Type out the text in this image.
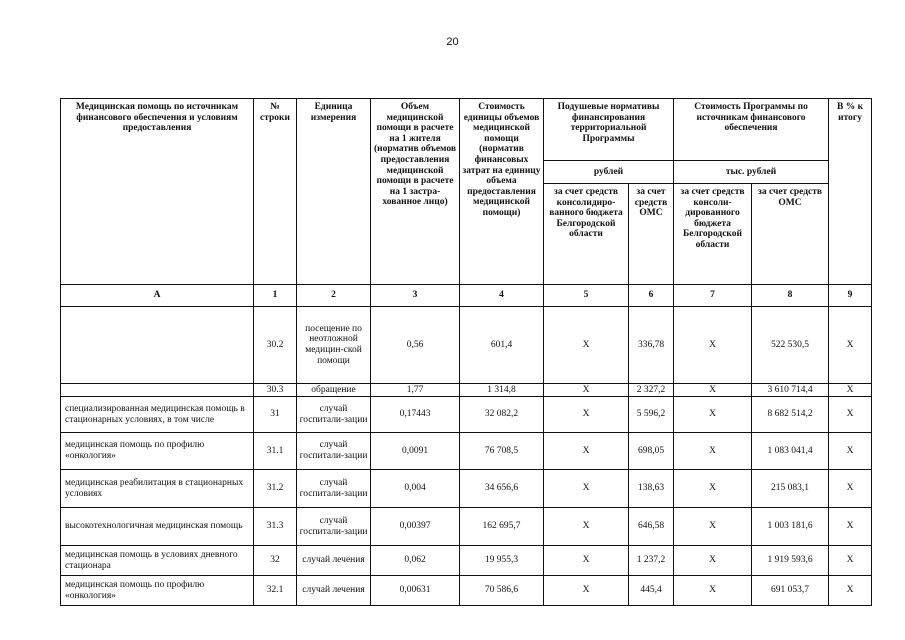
20
Медицинская помощь по источникам финансового обеспечения и условиям предоставления	№ строки	Единица измерения	Объем медицинской помощи в расчете на 1 жителя (норматив объемов предоставления медицинской помощи в расчете на 1 застра-хованное лицо)	Стоимость единицы объемов медицинской помощи (норматив финансовых затрат на единицу объема предоставления медицинской помощи)	Подушевые нормативы финансирования территориальной Программы		Стоимость Программы по источникам финансового обеспечения		В % к итогу
					рублей		тыс. рублей		
					за счет средств консолидиро-ванного бюджета Белгородской области	за счет средств ОМС	за счет средств консоли-дированного бюджета Белгородской области	за счет средств ОМС	
А	1	2	3	4	5	6	7	8	9
	30.2	посещение по неотложной медицин-ской помощи	0,56	601,4	Х	336,78	Х	522 530,5	Х
	30.3	обращение	1,77	1 314,8	Х	2 327,2	Х	3 610 714,4	Х
специализированная медицинская помощь в стационарных условиях, в том числе	31	случай госпитали-зации	0,17443	32 082,2	Х	5 596,2	Х	8 682 514,2	Х
медицинская помощь по профилю «онкология»	31.1	случай госпитали-зации	0,0091	76 708,5	Х	698,05	Х	1 083 041,4	Х
медицинская реабилитация в стационарных условиях	31.2	случай госпитали-зации	0,004	34 656,6	Х	138,63	Х	215 083,1	Х
высокотехнологичная медицинская помощь	31.3	случай госпитали-зации	0,00397	162 695,7	Х	646,58	Х	1 003 181,6	Х
медицинская помощь в условиях дневного стационара	32	случай лечения	0,062	19 955,3	Х	1 237,2	Х	1 919 593,6	Х
медицинская помощь по профилю «онкология»	32.1	случай лечения	0,00631	70 586,6	Х	445,4	Х	691 053,7	Х
